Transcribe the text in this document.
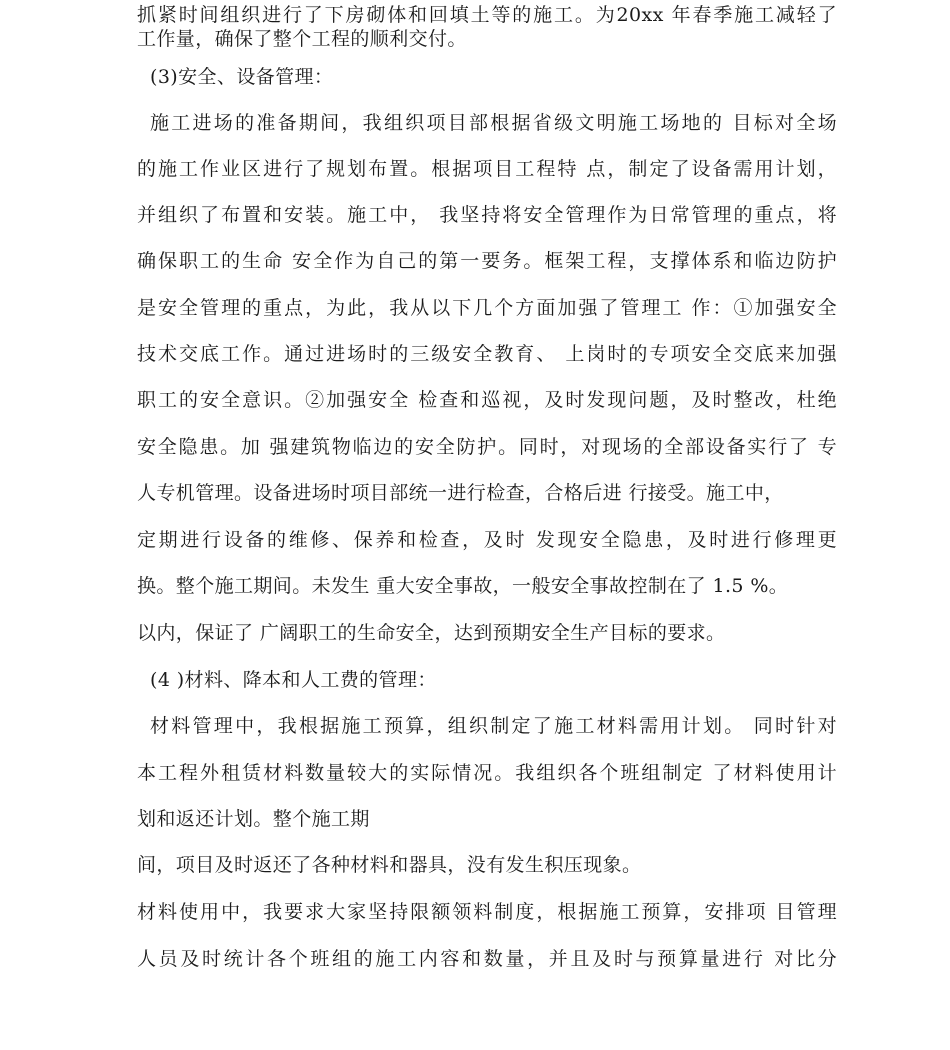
抓紧时间组织进行了下房砌体和回填土等的施工。为20xx 年春季施工减轻了
工作量，确保了整个工程的顺利交付。
(3)安全、设备管理：
施工进场的准备期间，我组织项目部根据省级文明施工场地的 目标对全场
的施工作业区进行了规划布置。根据项目工程特 点，制定了设备需用计划，
并组织了布置和安装。施工中， 我坚持将安全管理作为日常管理的重点，将
确保职工的生命 安全作为自己的第一要务。框架工程，支撑体系和临边防护
是安全管理的重点，为此，我从以下几个方面加强了管理工 作：①加强安全
技术交底工作。通过进场时的三级安全教育、 上岗时的专项安全交底来加强
职工的安全意识。②加强安全 检查和巡视，及时发现问题，及时整改，杜绝
安全隐患。加 强建筑物临边的安全防护。同时，对现场的全部设备实行了 专
人专机管理。设备进场时项目部统一进行检查，合格后进 行接受。施工中，
定期进行设备的维修、保养和检查，及时 发现安全隐患，及时进行修理更
换。整个施工期间。未发生 重大安全事故，一般安全事故控制在了 1.5 %。
以内，保证了 广阔职工的生命安全，达到预期安全生产目标的要求。
(4 )材料、降本和人工费的管理：
材料管理中，我根据施工预算，组织制定了施工材料需用计划。 同时针对
本工程外租赁材料数量较大的实际情况。我组织各个班组制定 了材料使用计
划和返还计划。整个施工期
间，项目及时返还了各种材料和器具，没有发生积压现象。
材料使用中，我要求大家坚持限额领料制度，根据施工预算，安排项 目管理
人员及时统计各个班组的施工内容和数量，并且及时与预算量进行 对比分
